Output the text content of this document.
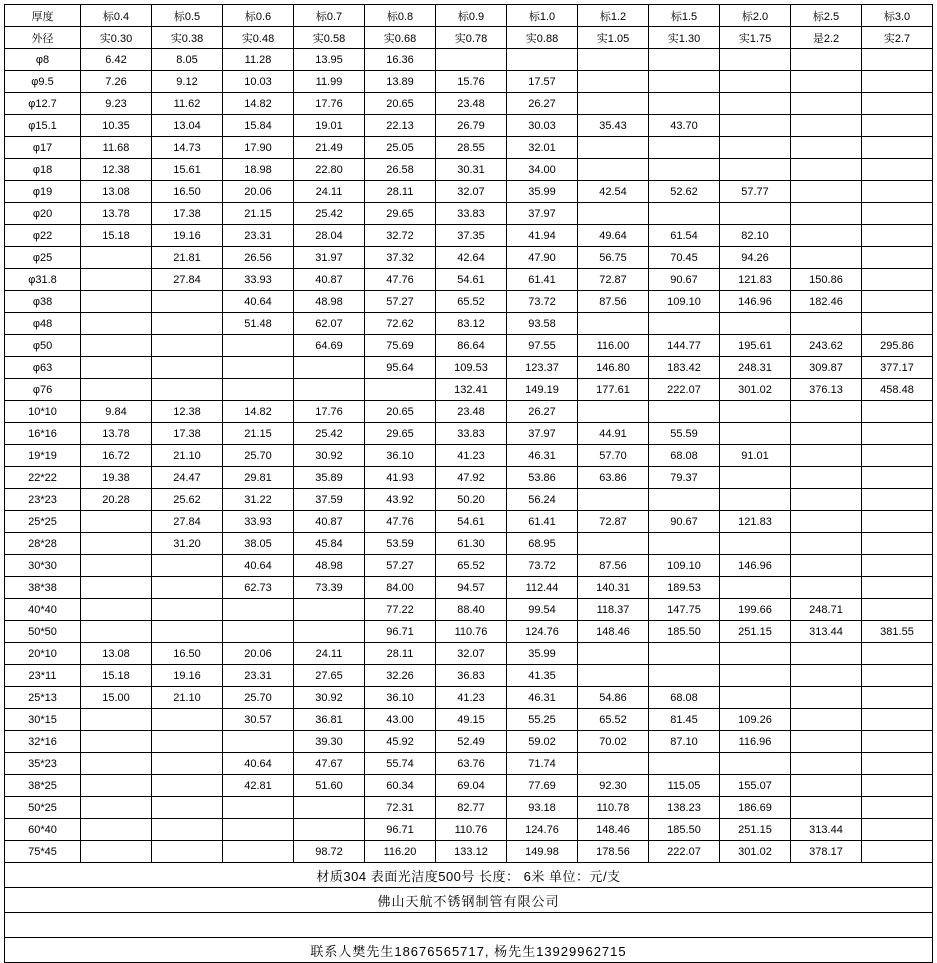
厚度	标0.4	标0.5	标0.6	标0.7	标0.8	标0.9	标1.0	标1.2	标1.5	标2.0	标2.5	标3.0
外径	实0.30	实0.38	实0.48	实0.58	实0.68	实0.78	实0.88	实1.05	实1.30	实1.75	是2.2	实2.7
φ8	6.42	8.05	11.28	13.95	16.36							
φ9.5	7.26	9.12	10.03	11.99	13.89	15.76	17.57					
φ12.7	9.23	11.62	14.82	17.76	20.65	23.48	26.27					
φ15.1	10.35	13.04	15.84	19.01	22.13	26.79	30.03	35.43	43.70			
φ17	11.68	14.73	17.90	21.49	25.05	28.55	32.01					
φ18	12.38	15.61	18.98	22.80	26.58	30.31	34.00					
φ19	13.08	16.50	20.06	24.11	28.11	32.07	35.99	42.54	52.62	57.77		
φ20	13.78	17.38	21.15	25.42	29.65	33.83	37.97					
φ22	15.18	19.16	23.31	28.04	32.72	37.35	41.94	49.64	61.54	82.10		
φ25		21.81	26.56	31.97	37.32	42.64	47.90	56.75	70.45	94.26		
φ31.8		27.84	33.93	40.87	47.76	54.61	61.41	72.87	90.67	121.83	150.86	
φ38			40.64	48.98	57.27	65.52	73.72	87.56	109.10	146.96	182.46	
φ48			51.48	62.07	72.62	83.12	93.58					
φ50				64.69	75.69	86.64	97.55	116.00	144.77	195.61	243.62	295.86
φ63					95.64	109.53	123.37	146.80	183.42	248.31	309.87	377.17
φ76						132.41	149.19	177.61	222.07	301.02	376.13	458.48
10*10	9.84	12.38	14.82	17.76	20.65	23.48	26.27					
16*16	13.78	17.38	21.15	25.42	29.65	33.83	37.97	44.91	55.59			
19*19	16.72	21.10	25.70	30.92	36.10	41.23	46.31	57.70	68.08	91.01		
22*22	19.38	24.47	29.81	35.89	41.93	47.92	53.86	63.86	79.37			
23*23	20.28	25.62	31.22	37.59	43.92	50.20	56.24					
25*25		27.84	33.93	40.87	47.76	54.61	61.41	72.87	90.67	121.83		
28*28		31.20	38.05	45.84	53.59	61.30	68.95					
30*30			40.64	48.98	57.27	65.52	73.72	87.56	109.10	146.96		
38*38			62.73	73.39	84.00	94.57	112.44	140.31	189.53			
40*40					77.22	88.40	99.54	118.37	147.75	199.66	248.71	
50*50					96.71	110.76	124.76	148.46	185.50	251.15	313.44	381.55
20*10	13.08	16.50	20.06	24.11	28.11	32.07	35.99					
23*11	15.18	19.16	23.31	27.65	32.26	36.83	41.35					
25*13	15.00	21.10	25.70	30.92	36.10	41.23	46.31	54.86	68.08			
30*15			30.57	36.81	43.00	49.15	55.25	65.52	81.45	109.26		
32*16				39.30	45.92	52.49	59.02	70.02	87.10	116.96		
35*23			40.64	47.67	55.74	63.76	71.74					
38*25			42.81	51.60	60.34	69.04	77.69	92.30	115.05	155.07		
50*25					72.31	82.77	93.18	110.78	138.23	186.69		
60*40					96.71	110.76	124.76	148.46	185.50	251.15	313.44	
75*45				98.72	116.20	133.12	149.98	178.56	222.07	301.02	378.17	
材质304 表面光洁度500号 长度： 6米 单位：元/支												
佛山天航不锈钢制管有限公司												

联系人樊先生18676565717, 杨先生13929962715												
